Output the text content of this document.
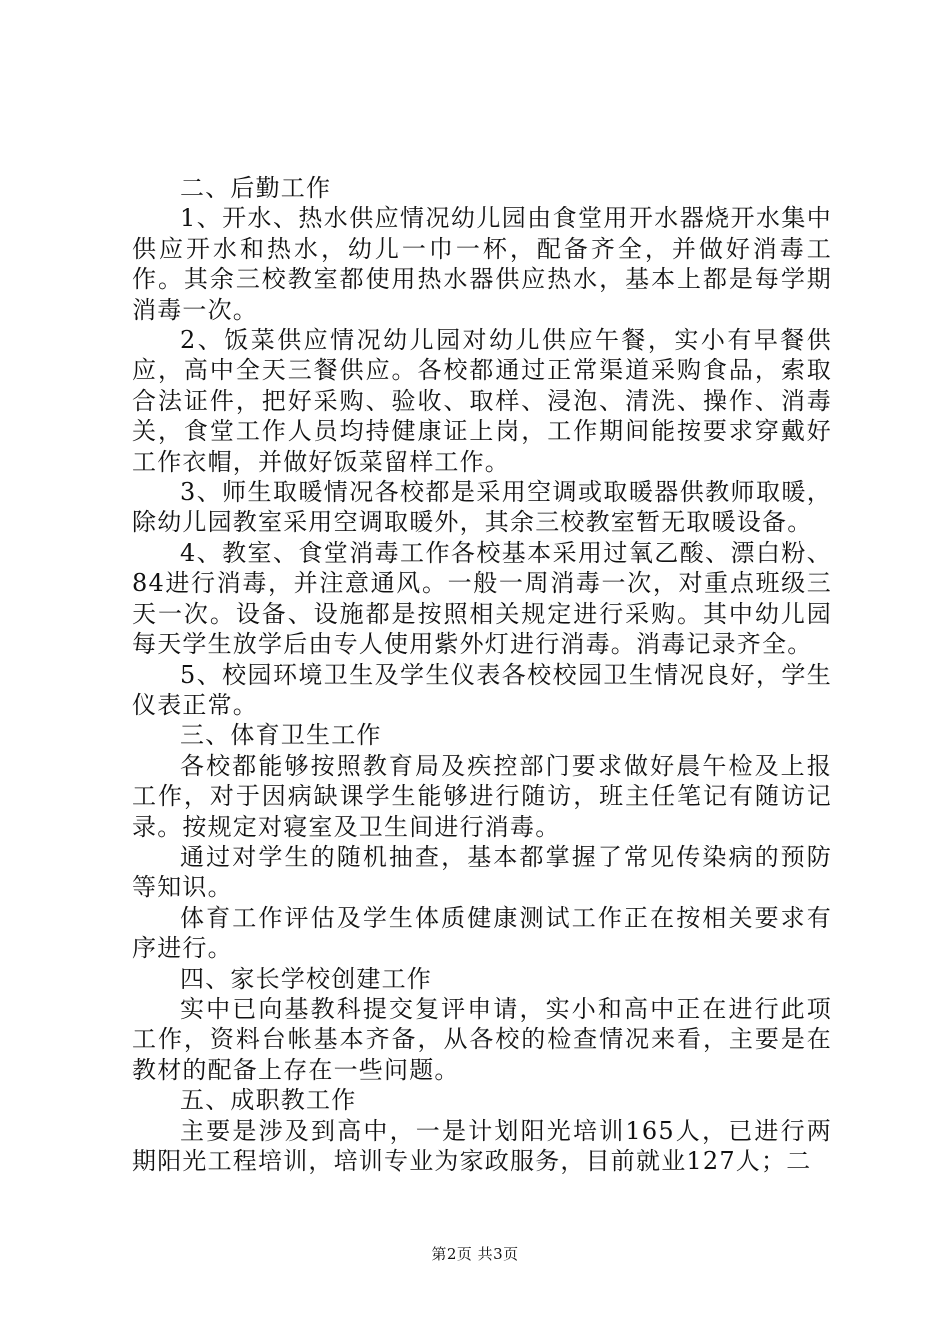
二、后勤工作

1、开水、热水供应情况幼儿园由食堂用开水器烧开水集中供应开水和热水，幼儿一巾一杯，配备齐全，并做好消毒工作。其余三校教室都使用热水器供应热水，基本上都是每学期消毒一次。

2、饭菜供应情况幼儿园对幼儿供应午餐，实小有早餐供应，高中全天三餐供应。各校都通过正常渠道采购食品，索取合法证件，把好采购、验收、取样、浸泡、清洗、操作、消毒关，食堂工作人员均持健康证上岗，工作期间能按要求穿戴好工作衣帽，并做好饭菜留样工作。

3、师生取暖情况各校都是采用空调或取暖器供教师取暖，除幼儿园教室采用空调取暖外，其余三校教室暂无取暖设备。

4、教室、食堂消毒工作各校基本采用过氧乙酸、漂白粉、84进行消毒，并注意通风。一般一周消毒一次，对重点班级三天一次。设备、设施都是按照相关规定进行采购。其中幼儿园每天学生放学后由专人使用紫外灯进行消毒。消毒记录齐全。

5、校园环境卫生及学生仪表各校校园卫生情况良好，学生仪表正常。

三、体育卫生工作

各校都能够按照教育局及疾控部门要求做好晨午检及上报工作，对于因病缺课学生能够进行随访，班主任笔记有随访记录。按规定对寝室及卫生间进行消毒。

通过对学生的随机抽查，基本都掌握了常见传染病的预防等知识。

体育工作评估及学生体质健康测试工作正在按相关要求有序进行。

四、家长学校创建工作

实中已向基教科提交复评申请，实小和高中正在进行此项工作，资料台帐基本齐备，从各校的检查情况来看，主要是在教材的配备上存在一些问题。

五、成职教工作

主要是涉及到高中，一是计划阳光培训165人，已进行两期阳光工程培训，培训专业为家政服务，目前就业127人；二

第2页 共3页
